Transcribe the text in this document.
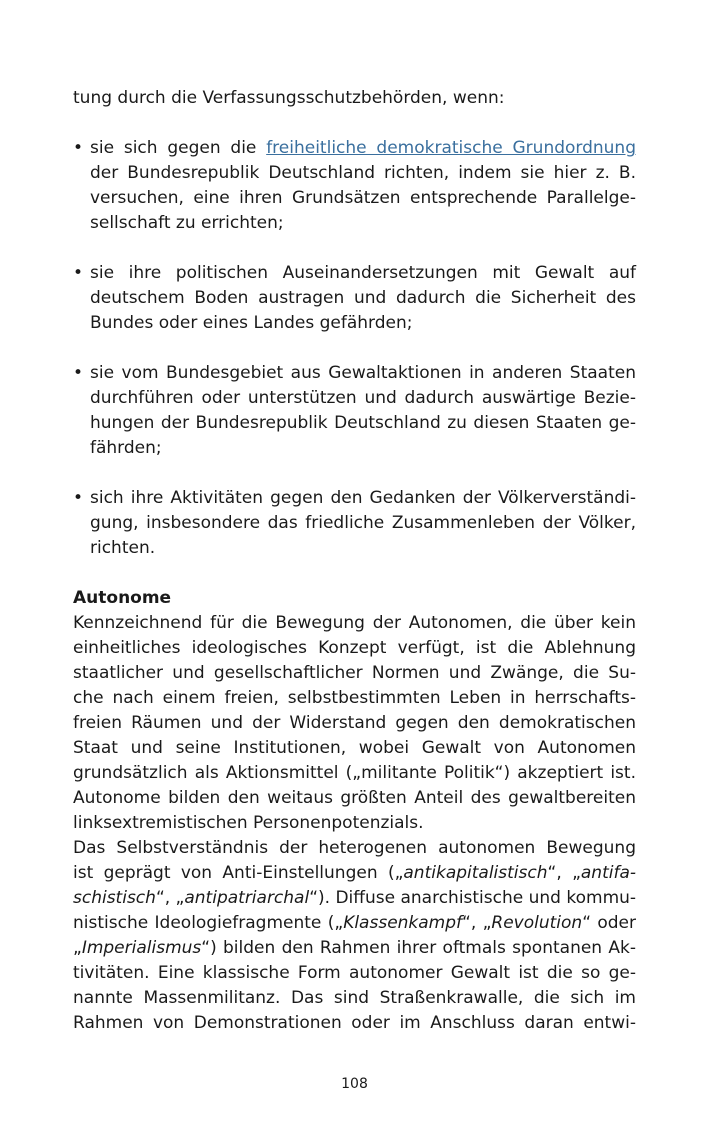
tung durch die Verfassungsschutzbehörden, wenn:

• sie sich gegen die freiheitliche demokratische Grundordnung
der Bundesrepublik Deutschland richten, indem sie hier z. B.
versuchen, eine ihren Grundsätzen entsprechende Parallelge-
sellschaft zu errichten;
• sie ihre politischen Auseinandersetzungen mit Gewalt auf
deutschem Boden austragen und dadurch die Sicherheit des
Bundes oder eines Landes gefährden;
• sie vom Bundesgebiet aus Gewaltaktionen in anderen Staaten
durchführen oder unterstützen und dadurch auswärtige Bezie-
hungen der Bundesrepublik Deutschland zu diesen Staaten ge-
fährden;
• sich ihre Aktivitäten gegen den Gedanken der Völkerverständi-
gung, insbesondere das friedliche Zusammenleben der Völker,
richten.
Autonome

Kennzeichnend für die Bewegung der Autonomen, die über kein
einheitliches ideologisches Konzept verfügt, ist die Ablehnung
staatlicher und gesellschaftlicher Normen und Zwänge, die Su-
che nach einem freien, selbstbestimmten Leben in herrschafts-
freien Räumen und der Widerstand gegen den demokratischen
Staat und seine Institutionen, wobei Gewalt von Autonomen
grundsätzlich als Aktionsmittel („militante Politik“) akzeptiert ist.
Autonome bilden den weitaus größten Anteil des gewaltbereiten
linksextremistischen Personenpotenzials.

Das Selbstverständnis der heterogenen autonomen Bewegung
ist geprägt von Anti-Einstellungen („antikapitalistisch“, „antifa-
schistisch“, „antipatriarchal“). Diffuse anarchistische und kommu-
nistische Ideologiefragmente („Klassenkampf“, „Revolution“ oder
„Imperialismus“) bilden den Rahmen ihrer oftmals spontanen Ak-
tivitäten. Eine klassische Form autonomer Gewalt ist die so ge-
nannte Massenmilitanz. Das sind Straßenkrawalle, die sich im
Rahmen von Demonstrationen oder im Anschluss daran entwi-

108
